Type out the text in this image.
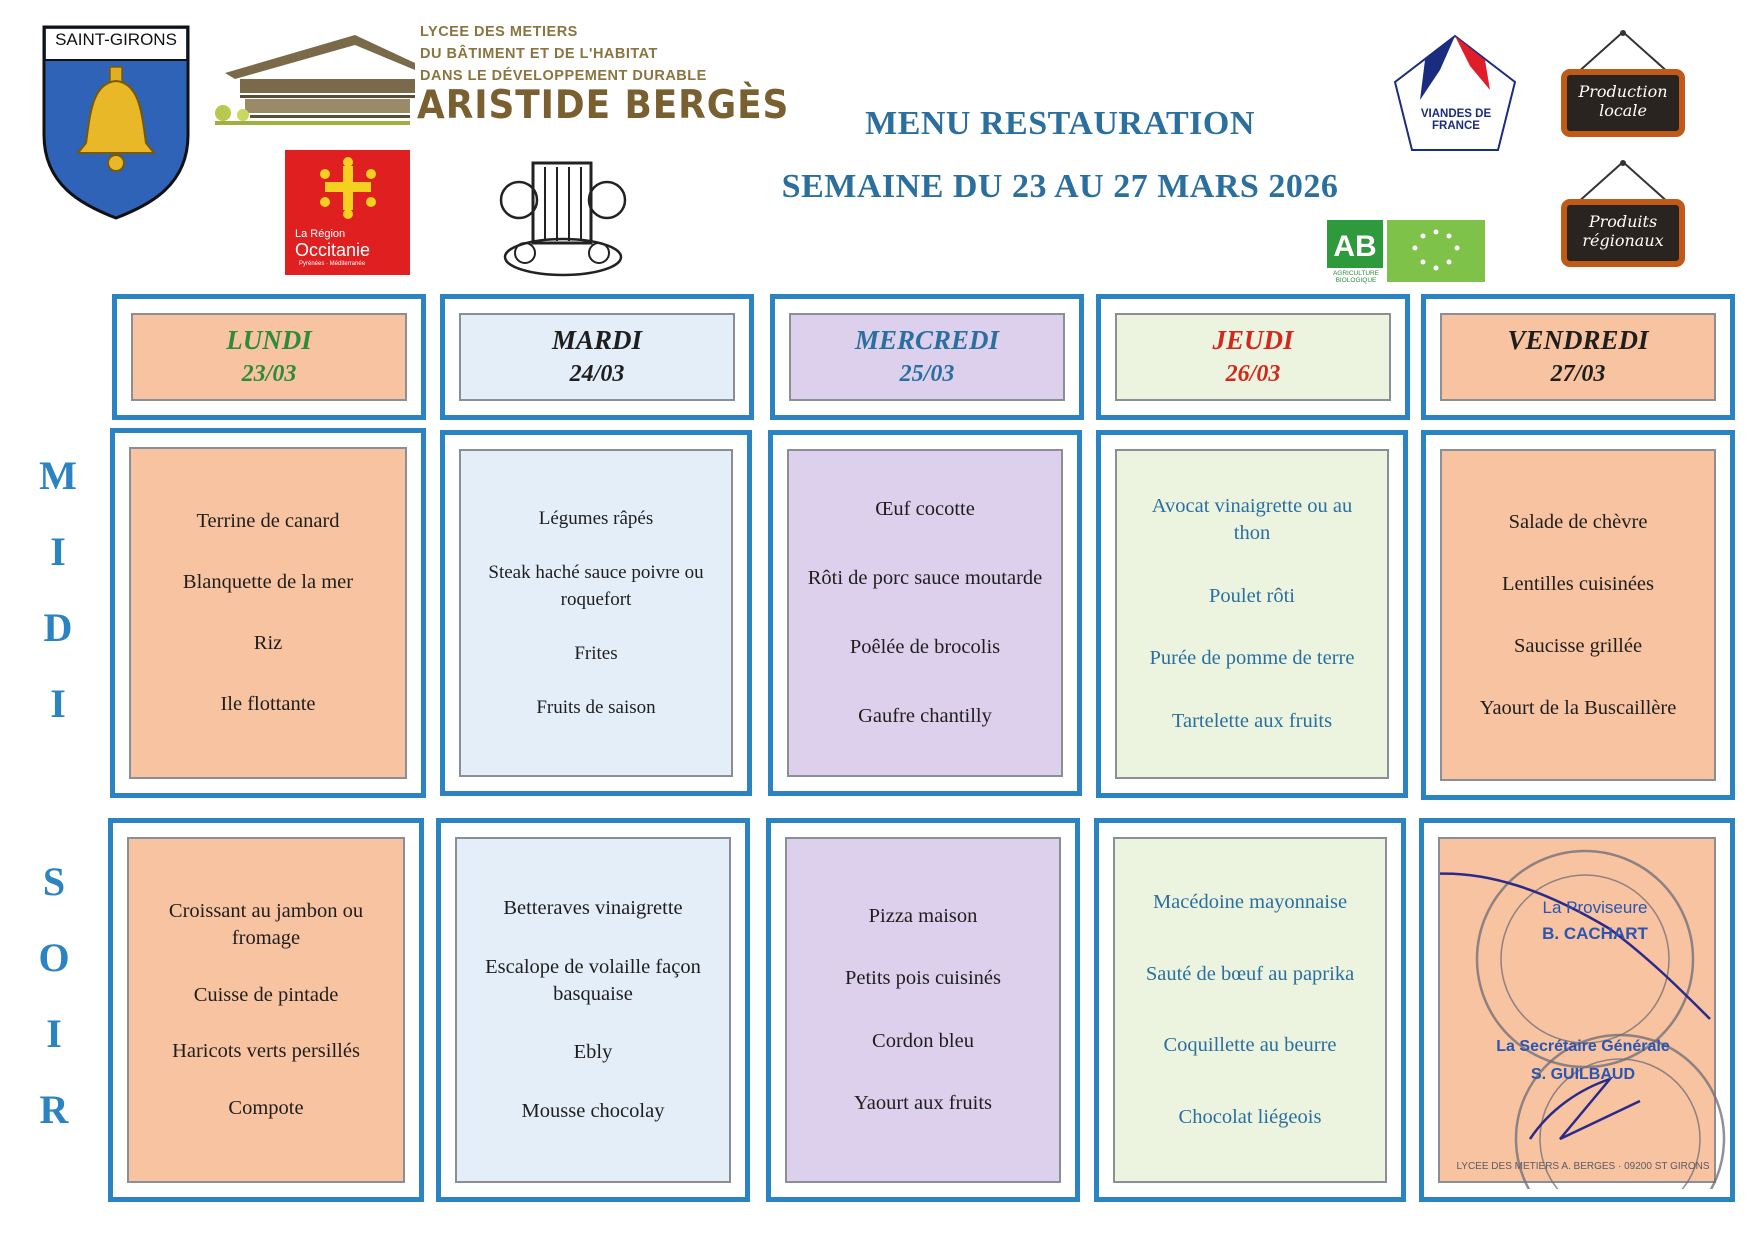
SAINT-GIRONS	LYCEE DES METIERS
DU BÂTIMENT ET DE L'HABITAT
DANS LE DÉVELOPPEMENT DURABLE
ARISTIDE BERGÈS
La Région
Occitanie
Pyrénées · Méditerranée
MENU RESTAURATION
SEMAINE DU 23 AU 27 MARS 2026
VIANDES DE FRANCE
AB
AGRICULTURE BIOLOGIQUE
Production locale
Produits régionaux
M
I
D
I
S
O
I
R
LUNDI
23/03
MARDI
24/03
MERCREDI
25/03
JEUDI
26/03
VENDREDI
27/03
Terrine de canard
Blanquette de la mer
Riz
Ile flottante
Légumes râpés
Steak haché sauce poivre ou roquefort
Frites
Fruits de saison
Œuf cocotte
Rôti de porc sauce moutarde
Poêlée de brocolis
Gaufre chantilly
Avocat vinaigrette ou au thon
Poulet rôti
Purée de pomme de terre
Tartelette aux fruits
Salade de chèvre
Lentilles cuisinées
Saucisse grillée
Yaourt de la Buscaillère
Croissant au jambon ou fromage
Cuisse de pintade
Haricots verts persillés
Compote
Betteraves vinaigrette
Escalope de volaille façon basquaise
Ebly
Mousse chocolay
Pizza maison
Petits pois cuisinés
Cordon bleu
Yaourt aux fruits
Macédoine mayonnaise
Sauté de bœuf au paprika
Coquillette au beurre
Chocolat liégeois
La Proviseure
B. CACHART
La Secrétaire Générale
S. GUILBAUD
LYCEE DES METIERS A. BERGES · 09200 ST GIRONS
